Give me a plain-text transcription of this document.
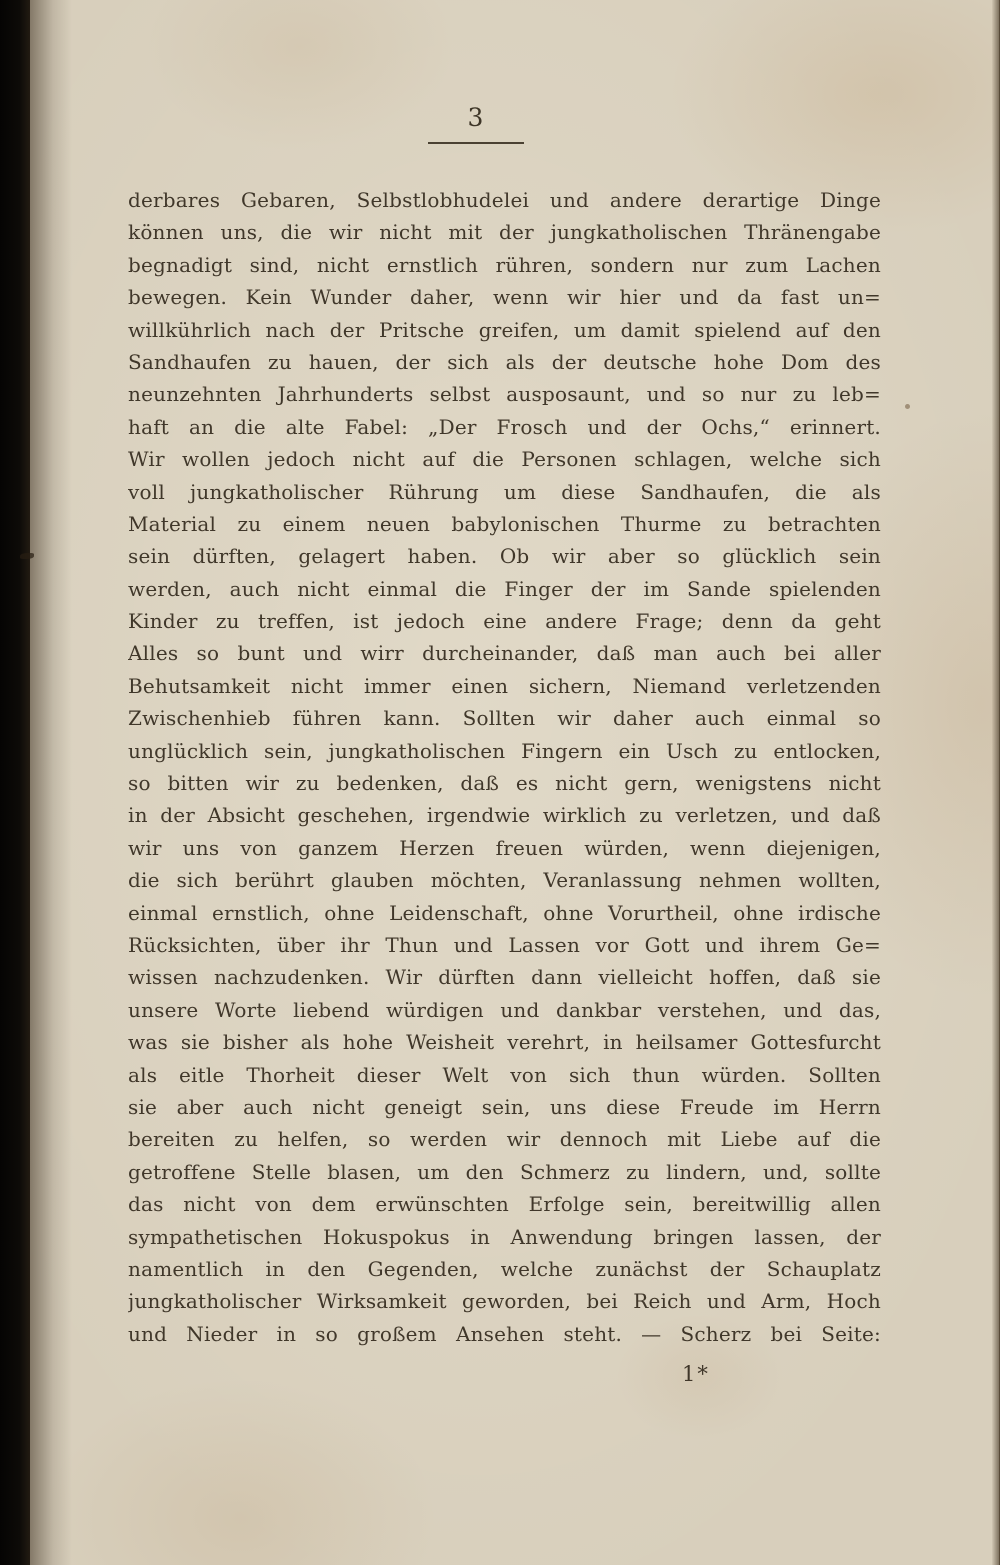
3
derbares Gebaren, Selbstlobhudelei und andere derartige Dinge
können uns, die wir nicht mit der jungkatholischen Thränengabe
begnadigt sind, nicht ernstlich rühren, sondern nur zum Lachen
bewegen. Kein Wunder daher, wenn wir hier und da fast un=
willkührlich nach der Pritsche greifen, um damit spielend auf den
Sandhaufen zu hauen, der sich als der deutsche hohe Dom des
neunzehnten Jahrhunderts selbst ausposaunt, und so nur zu leb=
haft an die alte Fabel: „Der Frosch und der Ochs,“ erinnert.
Wir wollen jedoch nicht auf die Personen schlagen, welche sich
voll jungkatholischer Rührung um diese Sandhaufen, die als
Material zu einem neuen babylonischen Thurme zu betrachten
sein dürften, gelagert haben. Ob wir aber so glücklich sein
werden, auch nicht einmal die Finger der im Sande spielenden
Kinder zu treffen, ist jedoch eine andere Frage; denn da geht
Alles so bunt und wirr durcheinander, daß man auch bei aller
Behutsamkeit nicht immer einen sichern, Niemand verletzenden
Zwischenhieb führen kann. Sollten wir daher auch einmal so
unglücklich sein, jungkatholischen Fingern ein Usch zu entlocken,
so bitten wir zu bedenken, daß es nicht gern, wenigstens nicht
in der Absicht geschehen, irgendwie wirklich zu verletzen, und daß
wir uns von ganzem Herzen freuen würden, wenn diejenigen,
die sich berührt glauben möchten, Veranlassung nehmen wollten,
einmal ernstlich, ohne Leidenschaft, ohne Vorurtheil, ohne irdische
Rücksichten, über ihr Thun und Lassen vor Gott und ihrem Ge=
wissen nachzudenken. Wir dürften dann vielleicht hoffen, daß sie
unsere Worte liebend würdigen und dankbar verstehen, und das,
was sie bisher als hohe Weisheit verehrt, in heilsamer Gottesfurcht
als eitle Thorheit dieser Welt von sich thun würden. Sollten
sie aber auch nicht geneigt sein, uns diese Freude im Herrn
bereiten zu helfen, so werden wir dennoch mit Liebe auf die
getroffene Stelle blasen, um den Schmerz zu lindern, und, sollte
das nicht von dem erwünschten Erfolge sein, bereitwillig allen
sympathetischen Hokuspokus in Anwendung bringen lassen, der
namentlich in den Gegenden, welche zunächst der Schauplatz
jungkatholischer Wirksamkeit geworden, bei Reich und Arm, Hoch
und Nieder in so großem Ansehen steht. — Scherz bei Seite:
1*
